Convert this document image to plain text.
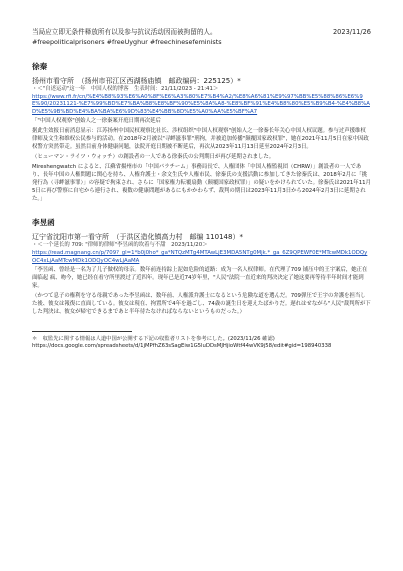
当局应立即无条件释放所有以及参与抗议活动因而被拘留的人。	2023/11/26
#freepoliticalprisoners #freeUyghur #freechinesefeminists
徐秦
扬州市看守所　（扬州市邗江区西湖杨庙镇　邮政编码：225125）*
・＜"自述运动"这一年　中国人权的博客　生表时间：21/11/2023 - 21:41＞
https://www.rfi.fr/cn/%E4%B8%93%E6%A0%8F%E6%A3%80%E7%B4%A2/%E8%A6%81%E9%97%BB%E5%88%86%E6%9E%90/20231121-%E7%99%BD%E7%BA%B8%E8%BF%90%E5%8A%A8-%E8%BF%91%E4%B8%80%E5%B9%B4-%E4%B8%AD%E5%9B%BD%E4%BA%BA%E6%9D%83%E4%BB%8D%E5%A0%AA%E5%BF%A7
「"中国人权观察"创始人之一徐秦案开庭日期再次延后
据此生效报日前消息显示：江苏扬州中国民权观察比社长、涉权组织"中国人权观察"创始人之一徐秦长年关心中国人权议题。参与过声援维权律师及文生和维权公民参与的活动。在2018年2月被以"寻衅滋事罪"刑拘，并被追加传播"颠覆国家政权罪"，她在2021年11月5日在家中因政权警方突然带走。虽然目前身体健康问题，法院开庭日期被不断延后，再次从2023年11月13日延至2024年2月3日。
（ヒューマン・ライツ・ウォッチ）の創設者の一人である徐秦氏の公判期日が再び延期されました。
Mireshengwatch によると、江蘇省揚州市の「中国パラチーム」事務局長で、人権団体「中国人権監視団（CHRW）」創設者の一人であり、長年中国の人権問題に関心を持ち、人権弁護士・余文生氏や人権市民、徐秦氏の支援活動に参加してきた徐秦氏は、2018年2月に「挑発行為（寻衅滋事罪）」の容疑で拘束され、さらに「国家権力転覆扇動（颠覆国家政权罪）」の疑いをかけられていた。徐秦氏は2021年11月5日に再び警察に自宅から連行され、複数の健康問題があるにもかかわらず、裁判の期日は2023年11月3日から2024年2月3日に延期された。」
李昱函
辽宁省沈阳市第一看守所　（于洪区造化镇高力村　邮编 110148）*
・＜一个延长的 709: "律师的律师"李昱函的坎着与不甜　2023/11/20＞
https://read.magnang.cn/p/709?_gl=1*b0j0ho*_ga*NTQzMTg4MTAwLjE3MDA5NTg0Mjk.*_ga_6Z9QPEWF0E*MTcwMDk1ODQyOC4xLjAaMTcwMDk1ODQyOC4wLjAaMA
「李昱函、曾经是一名为了儿子做权的母亲。数年前连持踪上泥如危险的道路：成为一名人权律师。在代理了709 铺压中的王宇案后，她正在面临起 疯、吻今，她已经在看守所里渡过了近四年。现年已是近74岁年里，"人民"法院一直近来的判决决定了她这要再等待半年时间才能到家。
（かつて息子の権利を守る母親であった李昱函は、数年前、人権派弁護士になるという危険な道を選んだ。709弾圧で王宇の弁護を担当した後、彼女は報復に直面している。彼女は現在、拘置所で4年を過ごし、74歳の誕生日を迎えたばかりだ。遅れはせながら"人民"裁判所が下した判決は、彼女が帰宅できるまであと半年待たなければならないというものだった。）
＊　収監先に関する情報は人道中国が公開する下記の収監者リストを参考にした。(2023/11/26 確認)
https://docs.google.com/spreadsheets/d/1jMPfhZ63sSagEiw1G5luDDsMJHjioWtf44wVK9j58/edit#gid=198940338
